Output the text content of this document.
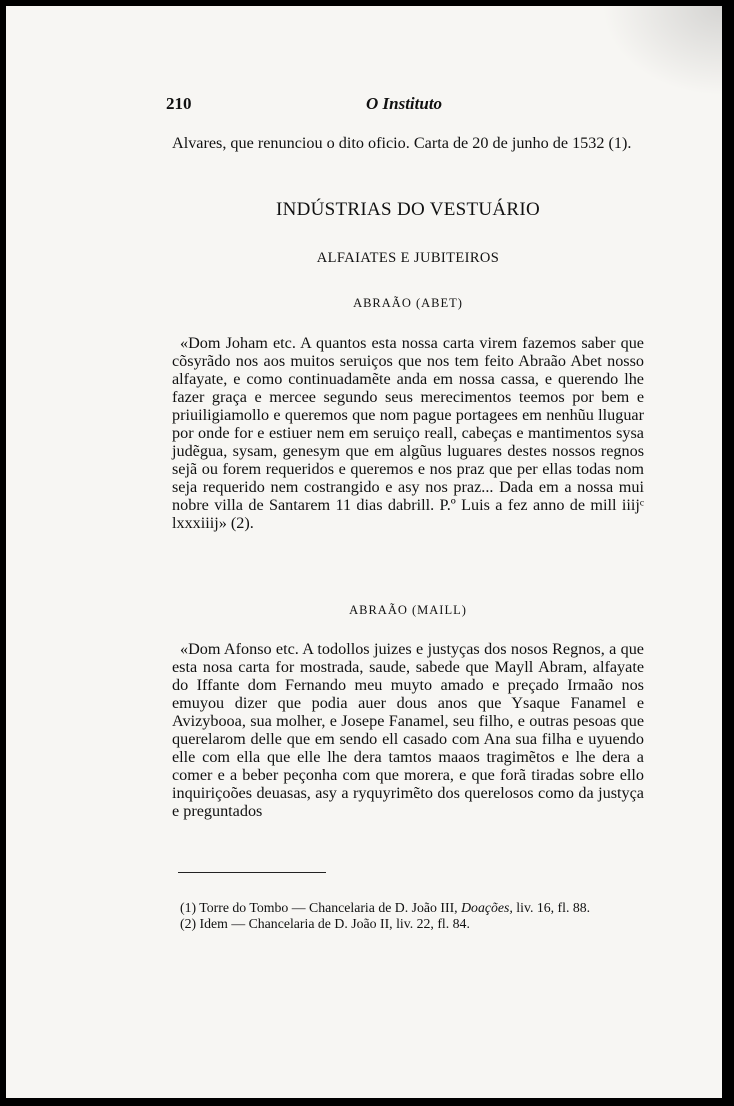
210	O Instituto

Alvares, que renunciou o dito oficio. Carta de 20 de junho de 1532 (1).

INDÚSTRIAS DO VESTUÁRIO
ALFAIATES E JUBITEIROS
ABRAÃO (ABET)

«Dom Joham etc. A quantos esta nossa carta virem fazemos saber que cõsyrãdo nos aos muitos seruiços que nos tem feito Abraão Abet nosso alfayate, e como continuadamẽte anda em nossa cassa, e querendo lhe fazer graça e mercee segundo seus merecimentos teemos por bem e priuiligiamollo e queremos que nom pague portagees em nenhũu lluguar por onde for e estiuer nem em seruiço reall, cabeças e mantimentos sysa judẽgua, sysam, genesym que em algũus luguares destes nossos regnos sejã ou forem requeridos e queremos e nos praz que per ellas todas nom seja requerido nem costrangido e asy nos praz... Dada em a nossa mui nobre villa de Santarem 11 dias dabrill. P.º Luis a fez anno de mill iiijᶜ lxxxiiij» (2).

ABRAÃO (MAILL)

«Dom Afonso etc. A todollos juizes e justyças dos nosos Regnos, a que esta nosa carta for mostrada, saude, sabede que Mayll Abram, alfayate do Iffante dom Fernando meu muyto amado e preçado Irmaão nos emuyou dizer que podia auer dous anos que Ysaque Fanamel e Avizybooa, sua molher, e Josepe Fanamel, seu filho, e outras pesoas que querelarom delle que em sendo ell casado com Ana sua filha e uyuendo elle com ella que elle lhe dera tamtos maaos tragimẽtos e lhe dera a comer e a beber peçonha com que morera, e que forã tiradas sobre ello inquiriçoões deuasas, asy a ryquyrimẽto dos querelosos como da justyça e preguntados

(1) Torre do Tombo — Chancelaria de D. João III, Doações, liv. 16, fl. 88.

(2) Idem — Chancelaria de D. João II, liv. 22, fl. 84.
